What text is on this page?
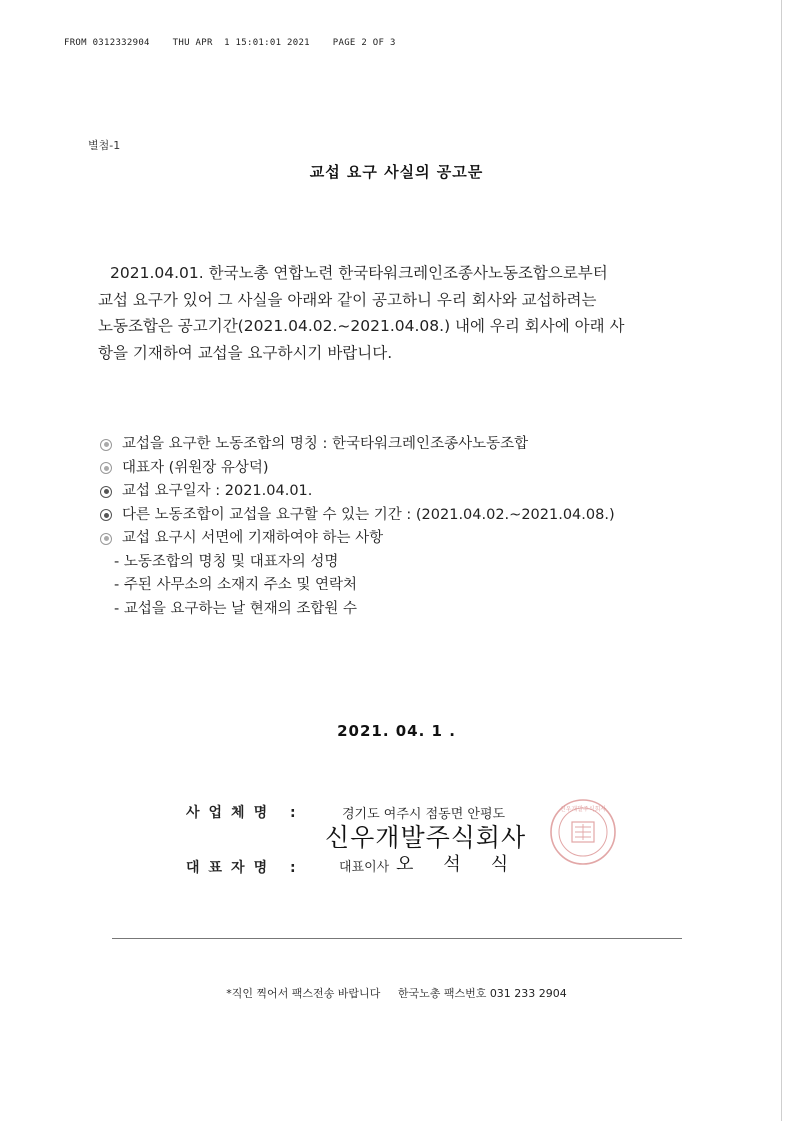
FROM 0312332904	THU APR  1 15:01:01 2021	PAGE 2 OF 3
별첨-1
교섭 요구 사실의 공고문
2021.04.01. 한국노총 연합노련 한국타워크레인조종사노동조합으로부터
교섭 요구가 있어 그 사실을 아래와 같이 공고하니 우리 회사와 교섭하려는
노동조합은 공고기간(2021.04.02.~2021.04.08.) 내에 우리 회사에 아래 사
항을 기재하여 교섭을 요구하시기 바랍니다.
교섭을 요구한 노동조합의 명칭 : 한국타워크레인조종사노동조합
대표자 (위원장 유상덕)
교섭 요구일자 : 2021.04.01.
다른 노동조합이 교섭을 요구할 수 있는 기간 : (2021.04.02.~2021.04.08.)
교섭 요구시 서면에 기재하여야 하는 사항
- 노동조합의 명칭 및 대표자의 성명
- 주된 사무소의 소재지 주소 및 연락처
- 교섭을 요구하는 날 현재의 조합원 수
2021. 04. 1 .
사업체명 :
대표자명 :
경기도 여주시 점동면 안평도
신우개발주식회사
대표이사 오석식
신우개발주식회사
*직인 찍어서 팩스전송 바랍니다 한국노총 팩스번호 031 233 2904
